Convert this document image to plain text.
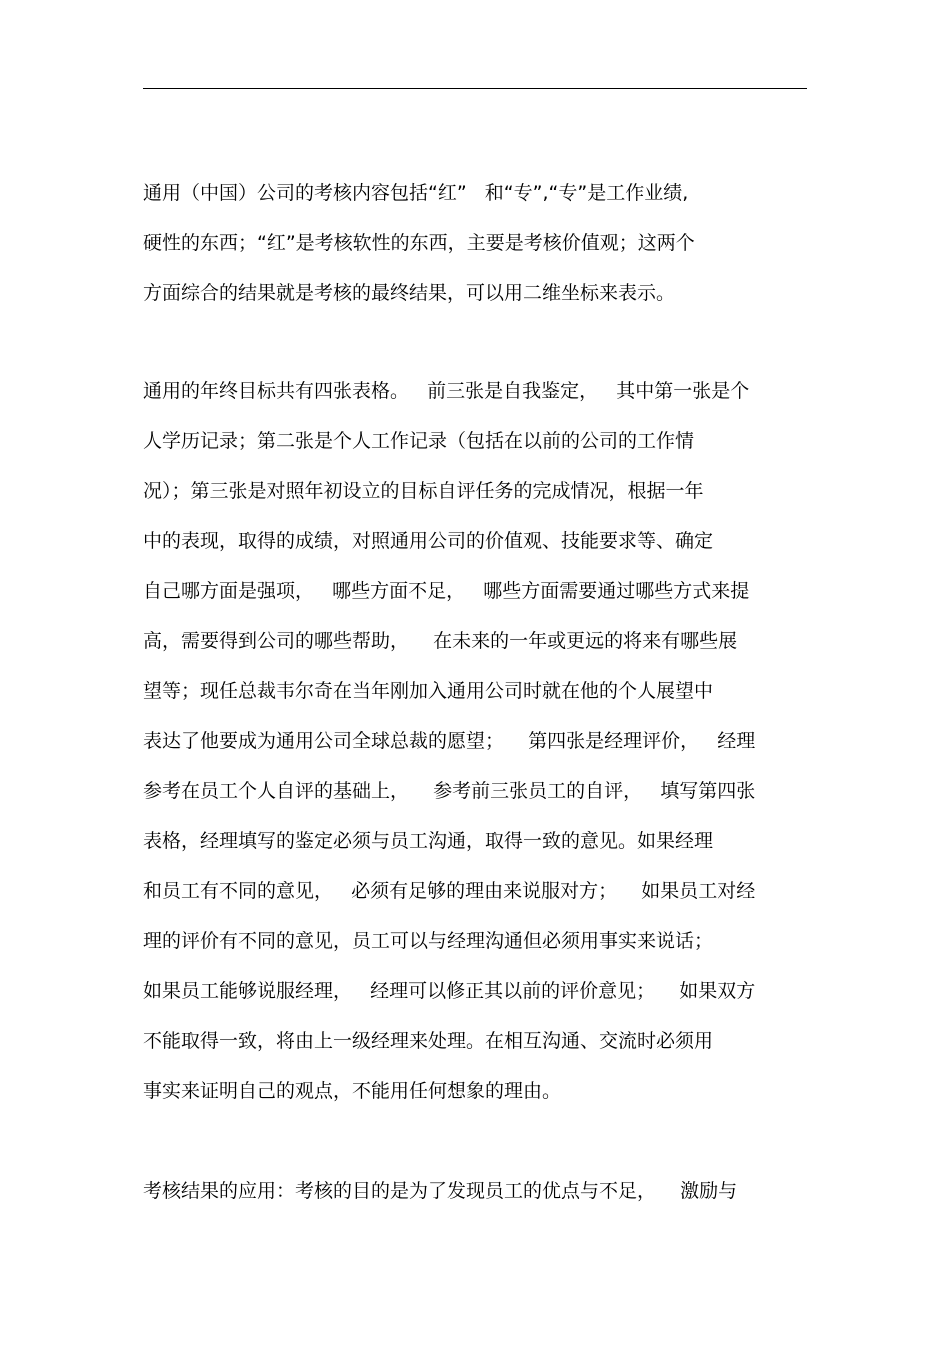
通用（中国）公司的考核内容包括“红”   和“专”,“专”是工作业绩,
硬性的东西；“红”是考核软性的东西，主要是考核价值观；这两个
方面综合的结果就是考核的最终结果，可以用二维坐标来表示。
通用的年终目标共有四张表格。   前三张是自我鉴定，   其中第一张是个
人学历记录；第二张是个人工作记录（包括在以前的公司的工作情
况）；第三张是对照年初设立的目标自评任务的完成情况，根据一年
中的表现，取得的成绩，对照通用公司的价值观、技能要求等、确定
自己哪方面是强项，   哪些方面不足，   哪些方面需要通过哪些方式来提
高，需要得到公司的哪些帮助，    在未来的一年或更远的将来有哪些展
望等；现任总裁韦尔奇在当年刚加入通用公司时就在他的个人展望中
表达了他要成为通用公司全球总裁的愿望；    第四张是经理评价，   经理
参考在员工个人自评的基础上，    参考前三张员工的自评，   填写第四张
表格，经理填写的鉴定必须与员工沟通，取得一致的意见。如果经理
和员工有不同的意见，   必须有足够的理由来说服对方；    如果员工对经
理的评价有不同的意见，员工可以与经理沟通但必须用事实来说话；
如果员工能够说服经理，   经理可以修正其以前的评价意见；    如果双方
不能取得一致，将由上一级经理来处理。在相互沟通、交流时必须用
事实来证明自己的观点，不能用任何想象的理由。
考核结果的应用：考核的目的是为了发现员工的优点与不足，    激励与
